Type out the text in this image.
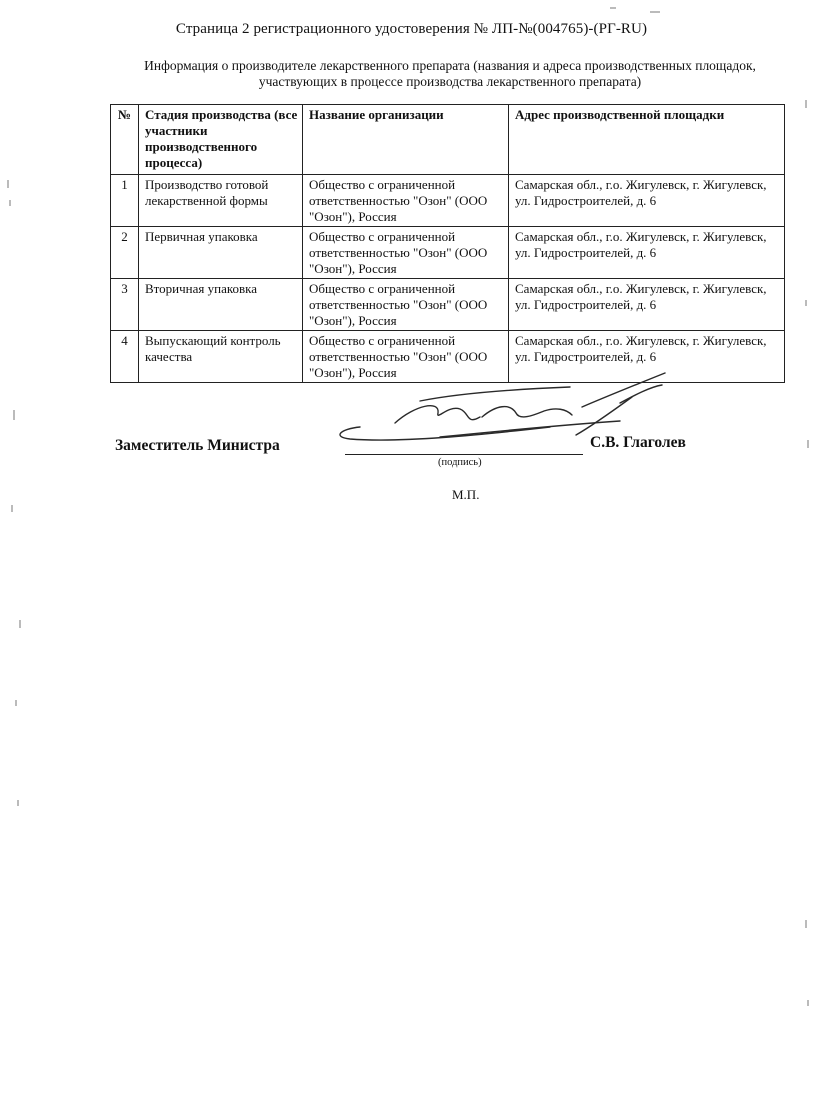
Страница 2 регистрационного удостоверения № ЛП-№(004765)-(РГ-RU)
Информация о производителе лекарственного препарата (названия и адреса производственных площадок,
участвующих в процессе производства лекарственного препарата)
№	Стадия производства (все участники производственного процесса)	Название организации	Адрес производственной площадки
1	Производство готовой лекарственной формы	Общество с ограниченной ответственностью "Озон" (ООО "Озон"), Россия	Самарская обл., г.о. Жигулевск, г. Жигулевск, ул. Гидростроителей, д. 6
2	Первичная упаковка	Общество с ограниченной ответственностью "Озон" (ООО "Озон"), Россия	Самарская обл., г.о. Жигулевск, г. Жигулевск, ул. Гидростроителей, д. 6
3	Вторичная упаковка	Общество с ограниченной ответственностью "Озон" (ООО "Озон"), Россия	Самарская обл., г.о. Жигулевск, г. Жигулевск, ул. Гидростроителей, д. 6
4	Выпускающий контроль качества	Общество с ограниченной ответственностью "Озон" (ООО "Озон"), Россия	Самарская обл., г.о. Жигулевск, г. Жигулевск, ул. Гидростроителей, д. 6
Заместитель Министра	С.В. Глаголев
(подпись)
М.П.
